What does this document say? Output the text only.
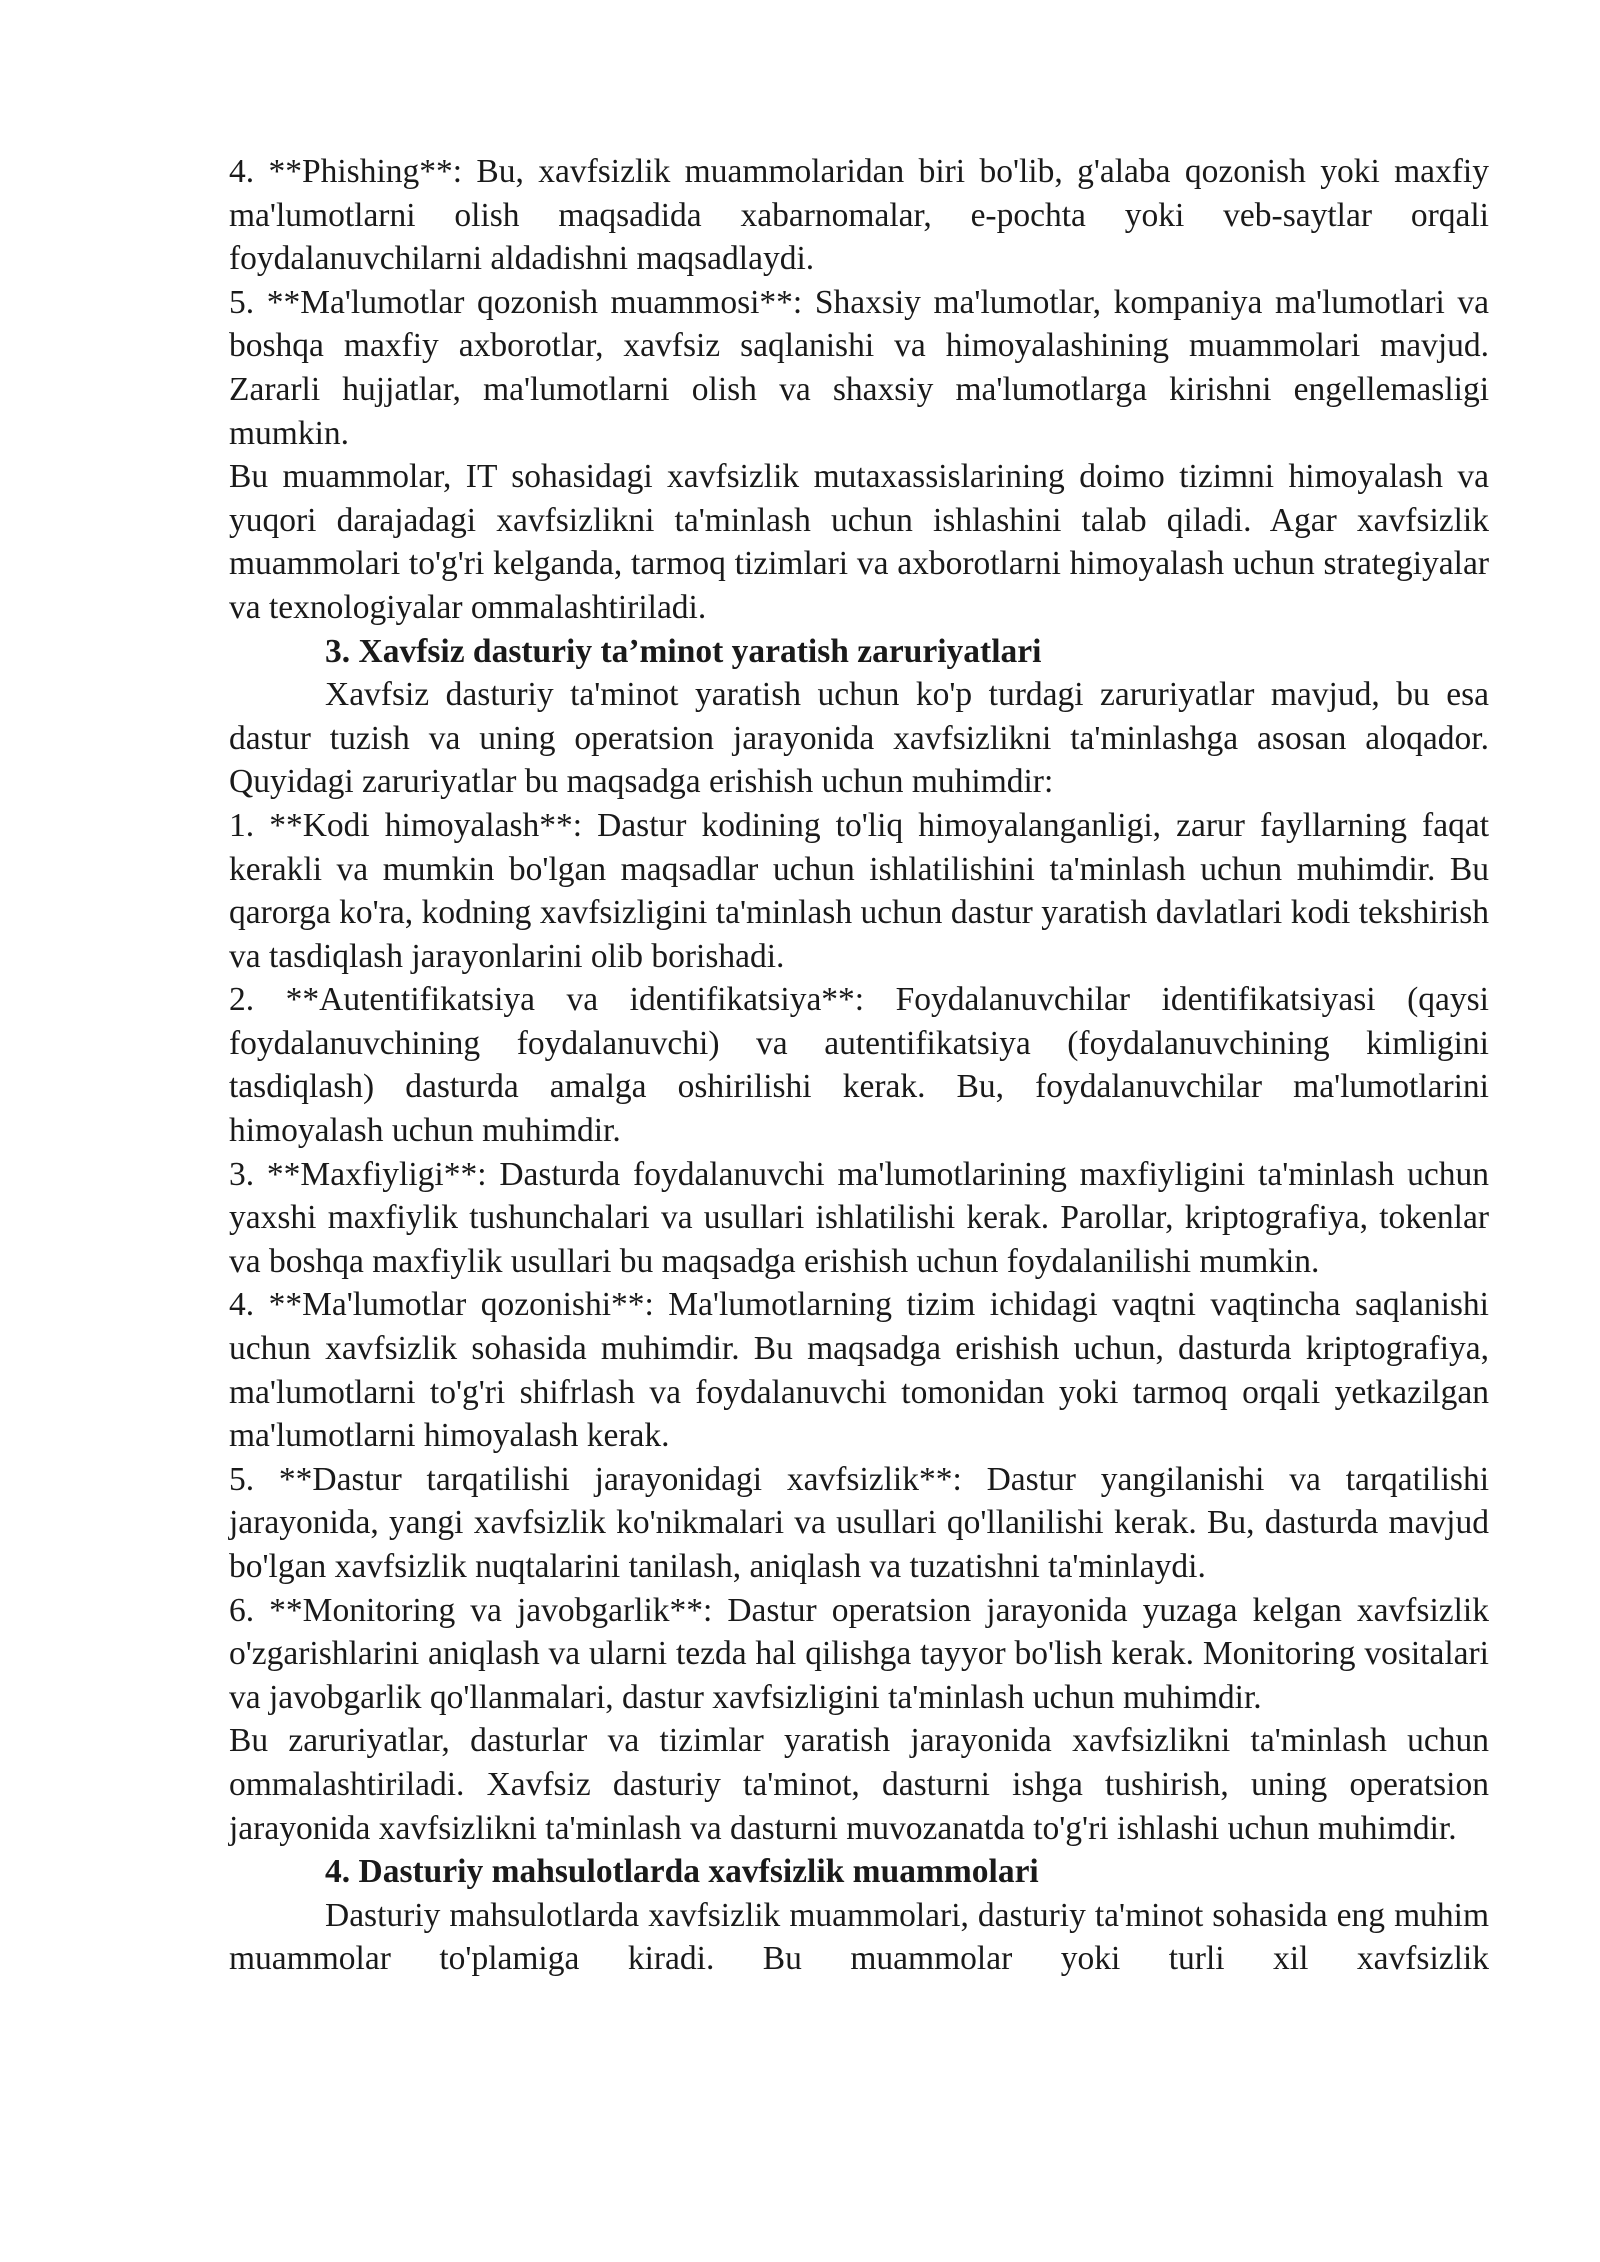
4. **Phishing**: Bu, xavfsizlik muammolaridan biri bo'lib, g'alaba qozonish yoki maxfiy ma'lumotlarni olish maqsadida xabarnomalar, e-pochta yoki veb-saytlar orqali foydalanuvchilarni aldadishni maqsadlaydi.

5. **Ma'lumotlar qozonish muammosi**: Shaxsiy ma'lumotlar, kompaniya ma'lumotlari va boshqa maxfiy axborotlar, xavfsiz saqlanishi va himoyalashining muammolari mavjud. Zararli hujjatlar, ma'lumotlarni olish va shaxsiy ma'lumotlarga kirishni engellemasligi mumkin.

Bu muammolar, IT sohasidagi xavfsizlik mutaxassislarining doimo tizimni himoyalash va yuqori darajadagi xavfsizlikni ta'minlash uchun ishlashini talab qiladi. Agar xavfsizlik muammolari to'g'ri kelganda, tarmoq tizimlari va axborotlarni himoyalash uchun strategiyalar va texnologiyalar ommalashtiriladi.

3. Xavfsiz dasturiy ta’minot yaratish zaruriyatlari

Xavfsiz dasturiy ta'minot yaratish uchun ko'p turdagi zaruriyatlar mavjud, bu esa dastur tuzish va uning operatsion jarayonida xavfsizlikni ta'minlashga asosan aloqador. Quyidagi zaruriyatlar bu maqsadga erishish uchun muhimdir:

1. **Kodi himoyalash**: Dastur kodining to'liq himoyalanganligi, zarur fayllarning faqat kerakli va mumkin bo'lgan maqsadlar uchun ishlatilishini ta'minlash uchun muhimdir. Bu qarorga ko'ra, kodning xavfsizligini ta'minlash uchun dastur yaratish davlatlari kodi tekshirish va tasdiqlash jarayonlarini olib borishadi.

2. **Autentifikatsiya va identifikatsiya**: Foydalanuvchilar identifikatsiyasi (qaysi foydalanuvchining foydalanuvchi) va autentifikatsiya (foydalanuvchining kimligini tasdiqlash) dasturda amalga oshirilishi kerak. Bu, foydalanuvchilar ma'lumotlarini himoyalash uchun muhimdir.

3. **Maxfiyligi**: Dasturda foydalanuvchi ma'lumotlarining maxfiyligini ta'minlash uchun yaxshi maxfiylik tushunchalari va usullari ishlatilishi kerak. Parollar, kriptografiya, tokenlar va boshqa maxfiylik usullari bu maqsadga erishish uchun foydalanilishi mumkin.

4. **Ma'lumotlar qozonishi**: Ma'lumotlarning tizim ichidagi vaqtni vaqtincha saqlanishi uchun xavfsizlik sohasida muhimdir. Bu maqsadga erishish uchun, dasturda kriptografiya, ma'lumotlarni to'g'ri shifrlash va foydalanuvchi tomonidan yoki tarmoq orqali yetkazilgan ma'lumotlarni himoyalash kerak.

5. **Dastur tarqatilishi jarayonidagi xavfsizlik**: Dastur yangilanishi va tarqatilishi jarayonida, yangi xavfsizlik ko'nikmalari va usullari qo'llanilishi kerak. Bu, dasturda mavjud bo'lgan xavfsizlik nuqtalarini tanilash, aniqlash va tuzatishni ta'minlaydi.

6. **Monitoring va javobgarlik**: Dastur operatsion jarayonida yuzaga kelgan xavfsizlik o'zgarishlarini aniqlash va ularni tezda hal qilishga tayyor bo'lish kerak. Monitoring vositalari va javobgarlik qo'llanmalari, dastur xavfsizligini ta'minlash uchun muhimdir.

Bu zaruriyatlar, dasturlar va tizimlar yaratish jarayonida xavfsizlikni ta'minlash uchun ommalashtiriladi. Xavfsiz dasturiy ta'minot, dasturni ishga tushirish, uning operatsion jarayonida xavfsizlikni ta'minlash va dasturni muvozanatda to'g'ri ishlashi uchun muhimdir.

4. Dasturiy mahsulotlarda xavfsizlik muammolari

Dasturiy mahsulotlarda xavfsizlik muammolari, dasturiy ta'minot sohasida eng muhim muammolar to'plamiga kiradi. Bu muammolar yoki turli xil xavfsizlik
